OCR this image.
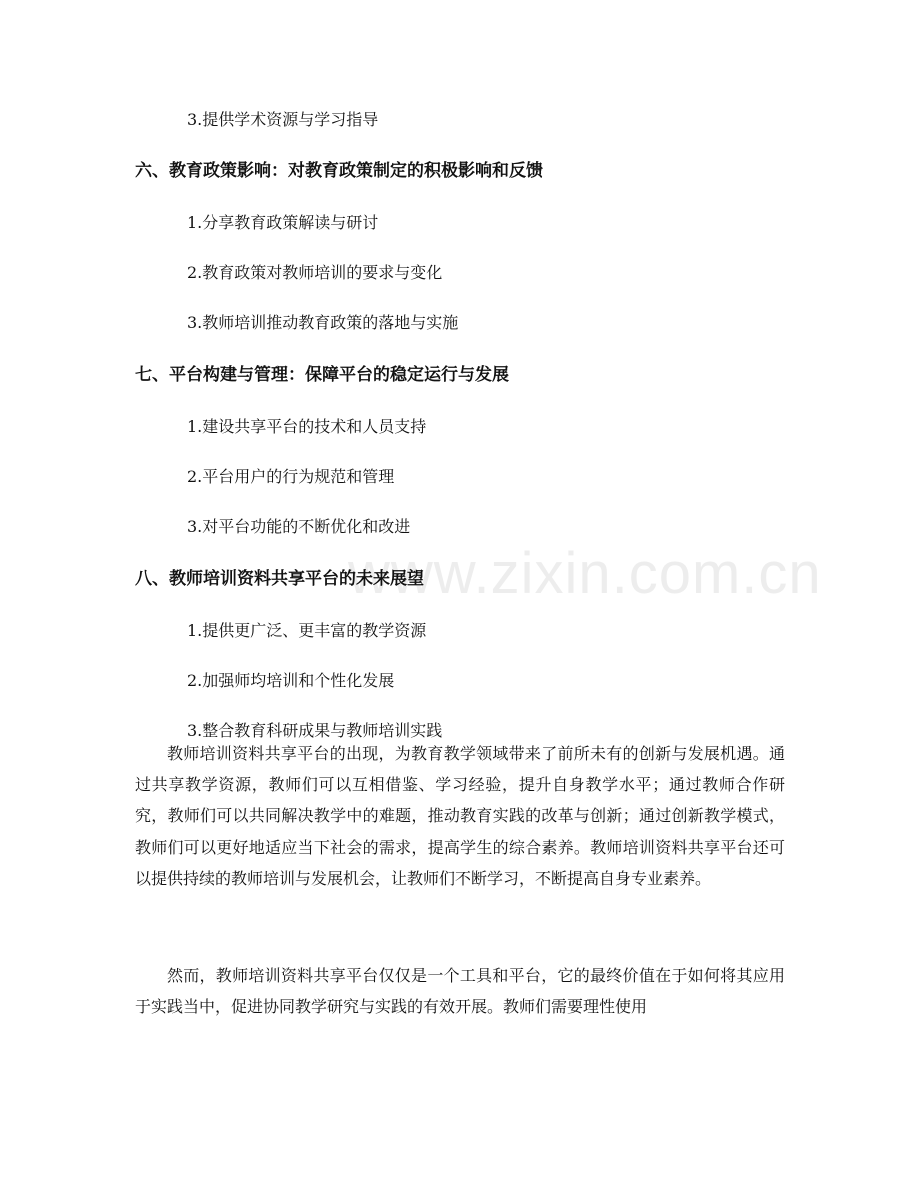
www.zixin.com.cn
3.提供学术资源与学习指导
六、教育政策影响：对教育政策制定的积极影响和反馈
1.分享教育政策解读与研讨
2.教育政策对教师培训的要求与变化
3.教师培训推动教育政策的落地与实施
七、平台构建与管理：保障平台的稳定运行与发展
1.建设共享平台的技术和人员支持
2.平台用户的行为规范和管理
3.对平台功能的不断优化和改进
八、教师培训资料共享平台的未来展望
1.提供更广泛、更丰富的教学资源
2.加强师均培训和个性化发展
3.整合教育科研成果与教师培训实践

教师培训资料共享平台的出现，为教育教学领域带来了前所未有的创新与发展机遇。通过共享教学资源，教师们可以互相借鉴、学习经验，提升自身教学水平；通过教师合作研究，教师们可以共同解决教学中的难题，推动教育实践的改革与创新；通过创新教学模式，教师们可以更好地适应当下社会的需求，提高学生的综合素养。教师培训资料共享平台还可以提供持续的教师培训与发展机会，让教师们不断学习，不断提高自身专业素养。

然而，教师培训资料共享平台仅仅是一个工具和平台，它的最终价值在于如何将其应用于实践当中，促进协同教学研究与实践的有效开展。教师们需要理性使用
